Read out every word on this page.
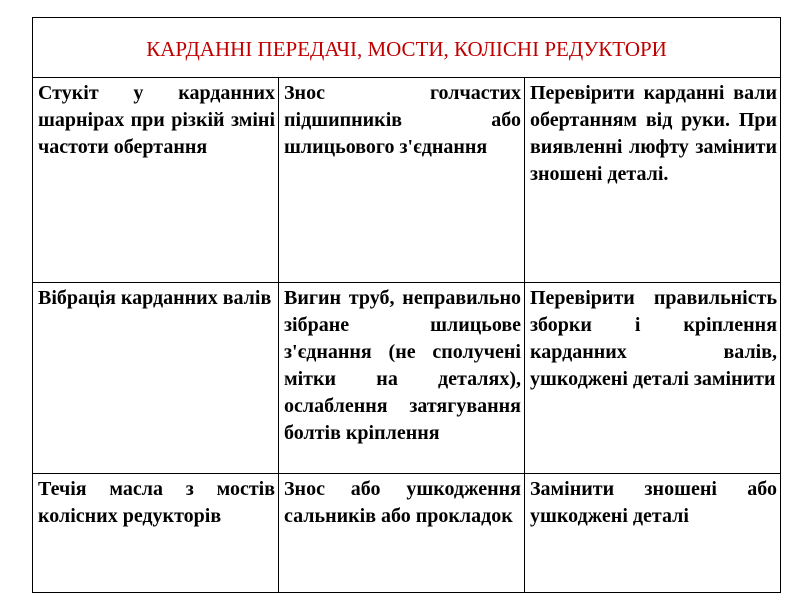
КАРДАННІ ПЕРЕДАЧІ, МОСТИ, КОЛІСНІ РЕДУКТОРИ		

Стукіт у карданних шарнірах при різкій зміні частоти обертання	Знос голчастих підшипників або шлицьового з'єднання	Перевірити карданні вали обертанням від руки. При виявленні люфту замінити зношені деталі.
Вібрація карданних валів	Вигин труб, неправильно зібране шлицьове з'єднання (не сполучені мітки на деталях), ослаблення затягування болтів кріплення	Перевірити правильність зборки і кріплення карданних валів, ушкоджені деталі замінити
Течія масла з мостів колісних редукторів	Знос або ушкодження сальників або прокладок	Замінити зношені або ушкоджені деталі
